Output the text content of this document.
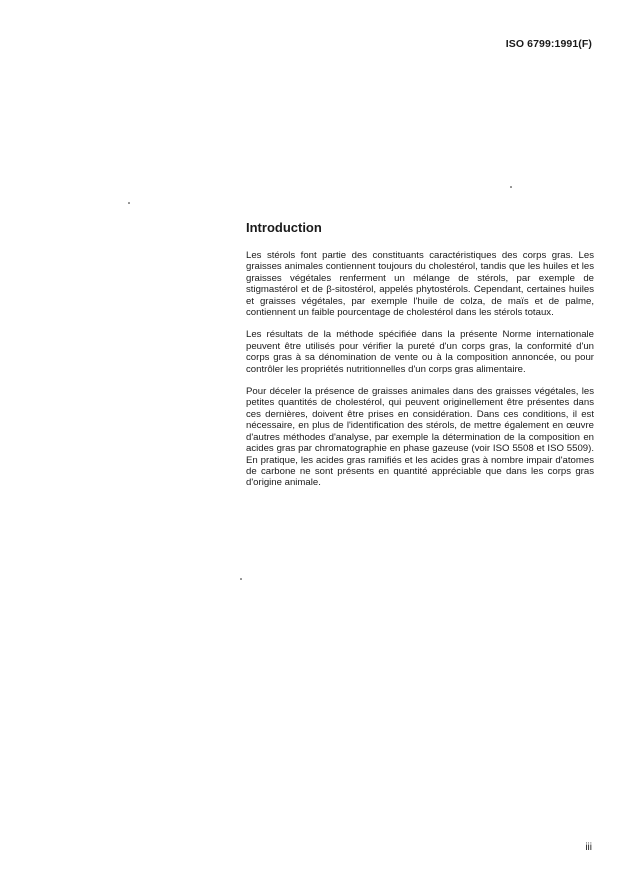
ISO 6799:1991(F)
Introduction

Les stérols font partie des constituants caractéristiques des corps gras. Les graisses animales contiennent toujours du cholestérol, tandis que les huiles et les graisses végétales renferment un mélange de stérols, par exemple de stigmastérol et de β-sitostérol, appelés phytostérols. Cependant, certaines huiles et graisses végétales, par exemple l'huile de colza, de maïs et de palme, contiennent un faible pourcentage de cholestérol dans les stérols totaux.

Les résultats de la méthode spécifiée dans la présente Norme internationale peuvent être utilisés pour vérifier la pureté d'un corps gras, la conformité d'un corps gras à sa dénomination de vente ou à la composition annoncée, ou pour contrôler les propriétés nutritionnelles d'un corps gras alimentaire.

Pour déceler la présence de graisses animales dans des graisses végétales, les petites quantités de cholestérol, qui peuvent originellement être présentes dans ces dernières, doivent être prises en considération. Dans ces conditions, il est nécessaire, en plus de l'identification des stérols, de mettre également en œuvre d'autres méthodes d'analyse, par exemple la détermination de la composition en acides gras par chromatographie en phase gazeuse (voir ISO 5508 et ISO 5509). En pratique, les acides gras ramifiés et les acides gras à nombre impair d'atomes de carbone ne sont présents en quantité appréciable que dans les corps gras d'origine animale.

iii
